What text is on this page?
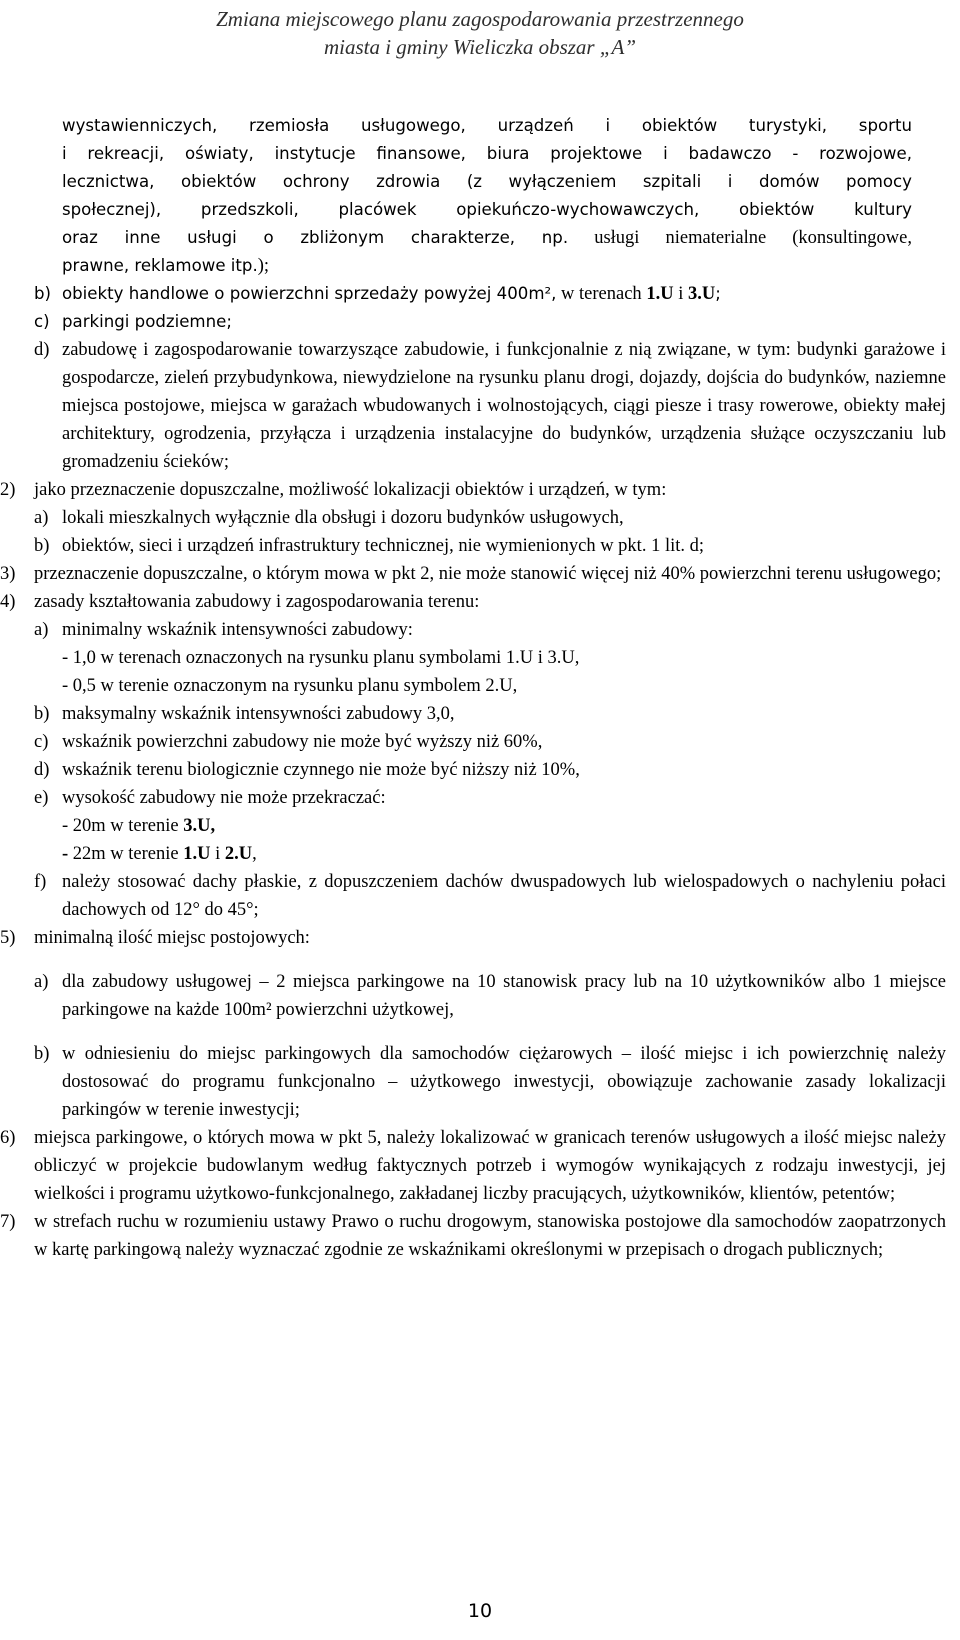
Zmiana miejscowego planu zagospodarowania przestrzennego
miasta i gminy Wieliczka obszar „A”
wystawienniczych, rzemiosła usługowego, urządzeń i obiektów turystyki, sportu
i rekreacji, oświaty, instytucje finansowe, biura projektowe i badawczo - rozwojowe,
lecznictwa, obiektów ochrony zdrowia (z wyłączeniem szpitali i domów pomocy
społecznej), przedszkoli, placówek opiekuńczo-wychowawczych, obiektów kultury
oraz inne usługi o zbliżonym charakterze, np. usługi niematerialne (konsultingowe,
prawne, reklamowe itp.);
b) obiekty handlowe o powierzchni sprzedaży powyżej 400m², w terenach 1.U i 3.U;
c) parkingi podziemne;
d) zabudowę i zagospodarowanie towarzyszące zabudowie, i funkcjonalnie z nią związane, w tym: budynki garażowe i gospodarcze, zieleń przybudynkowa, niewydzielone na rysunku planu drogi, dojazdy, dojścia do budynków, naziemne miejsca postojowe, miejsca w garażach wbudowanych i wolnostojących, ciągi piesze i trasy rowerowe, obiekty małej architektury, ogrodzenia, przyłącza i urządzenia instalacyjne do budynków, urządzenia służące oczyszczaniu lub gromadzeniu ścieków;
2)	jako przeznaczenie dopuszczalne, możliwość lokalizacji obiektów i urządzeń, w tym:
a) lokali mieszkalnych wyłącznie dla obsługi i dozoru budynków usługowych,
b) obiektów, sieci i urządzeń infrastruktury technicznej, nie wymienionych w pkt. 1 lit. d;
3)	przeznaczenie dopuszczalne, o którym mowa w pkt 2, nie może stanowić więcej niż 40% powierzchni terenu usługowego;
4)	zasady kształtowania zabudowy i zagospodarowania terenu:
a) minimalny wskaźnik intensywności zabudowy:
- 1,0 w terenach oznaczonych na rysunku planu symbolami 1.U i 3.U,
- 0,5 w terenie oznaczonym na rysunku planu symbolem 2.U,
b) maksymalny wskaźnik intensywności zabudowy 3,0,
c) wskaźnik powierzchni zabudowy nie może być wyższy niż 60%,
d) wskaźnik terenu biologicznie czynnego nie może być niższy niż 10%,
e) wysokość zabudowy nie może przekraczać:
- 20m w terenie 3.U,
- 22m w terenie 1.U i 2.U,
f) należy stosować dachy płaskie, z dopuszczeniem dachów dwuspadowych lub wielospadowych o nachyleniu połaci dachowych od 12° do 45°;
5)	minimalną ilość miejsc postojowych:
a) dla zabudowy usługowej – 2 miejsca parkingowe na 10 stanowisk pracy lub na 10 użytkowników albo 1 miejsce parkingowe na każde 100m² powierzchni użytkowej,
b) w odniesieniu do miejsc parkingowych dla samochodów ciężarowych – ilość miejsc i ich powierzchnię należy dostosować do programu funkcjonalno – użytkowego inwestycji, obowiązuje zachowanie zasady lokalizacji parkingów w terenie inwestycji;
6)	miejsca parkingowe, o których mowa w pkt 5, należy lokalizować w granicach terenów usługowych a ilość miejsc należy obliczyć w projekcie budowlanym według faktycznych potrzeb i wymogów wynikających z rodzaju inwestycji, jej wielkości i programu użytkowo-funkcjonalnego, zakładanej liczby pracujących, użytkowników, klientów, petentów;
7)	w strefach ruchu w rozumieniu ustawy Prawo o ruchu drogowym, stanowiska postojowe dla samochodów zaopatrzonych w kartę parkingową należy wyznaczać zgodnie ze wskaźnikami określonymi w przepisach o drogach publicznych;
10
